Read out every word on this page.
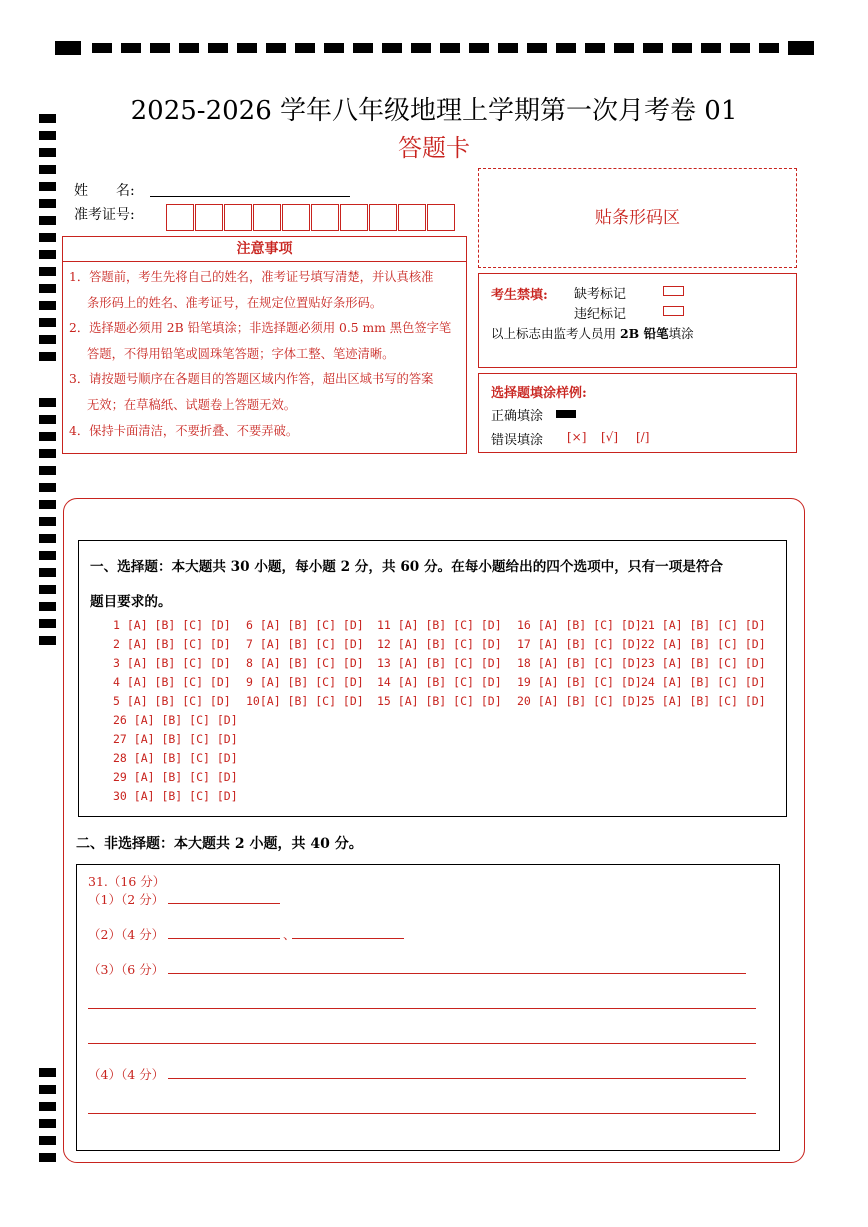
2025-2026 学年八年级地理上学期第一次月考卷 01
答题卡
姓　　名:
准考证号:	贴条形码区
注意事项
1．答题前，考生先将自己的姓名，准考证号填写清楚，并认真核准
条形码上的姓名、准考证号，在规定位置贴好条形码。
2．选择题必须用 2B 铅笔填涂；非选择题必须用 0.5 mm 黑色签字笔
答题，不得用铅笔或圆珠笔答题；字体工整、笔迹清晰。
3．请按题号顺序在各题目的答题区域内作答，超出区域书写的答案
无效；在草稿纸、试题卷上答题无效。
4．保持卡面清洁，不要折叠、不要弄破。
考生禁填: 缺考标记
违纪标记
以上标志由监考人员用 2B 铅笔填涂
选择题填涂样例:
正确填涂
错误填涂 [×] [√] [/]
一、选择题：本大题共 30 小题，每小题 2 分，共 60 分。在每小题给出的四个选项中，只有一项是符合
题目要求的。
1 [A] [B] [C] [D]
2 [A] [B] [C] [D]
3 [A] [B] [C] [D]
4 [A] [B] [C] [D]
5 [A] [B] [C] [D]
6 [A] [B] [C] [D]
7 [A] [B] [C] [D]
8 [A] [B] [C] [D]
9 [A] [B] [C] [D]
10[A] [B] [C] [D]
11 [A] [B] [C] [D]
12 [A] [B] [C] [D]
13 [A] [B] [C] [D]
14 [A] [B] [C] [D]
15 [A] [B] [C] [D]
16 [A] [B] [C] [D]
17 [A] [B] [C] [D]
18 [A] [B] [C] [D]
19 [A] [B] [C] [D]
20 [A] [B] [C] [D]
21 [A] [B] [C] [D]
22 [A] [B] [C] [D]
23 [A] [B] [C] [D]
24 [A] [B] [C] [D]
25 [A] [B] [C] [D]
26 [A] [B] [C] [D]
27 [A] [B] [C] [D]
28 [A] [B] [C] [D]
29 [A] [B] [C] [D]
30 [A] [B] [C] [D]
二、非选择题：本大题共 2 小题，共 40 分。
31.（16 分）
（1）（2 分）
（2）（4 分）	、
（3）（6 分）
（4）（4 分）
